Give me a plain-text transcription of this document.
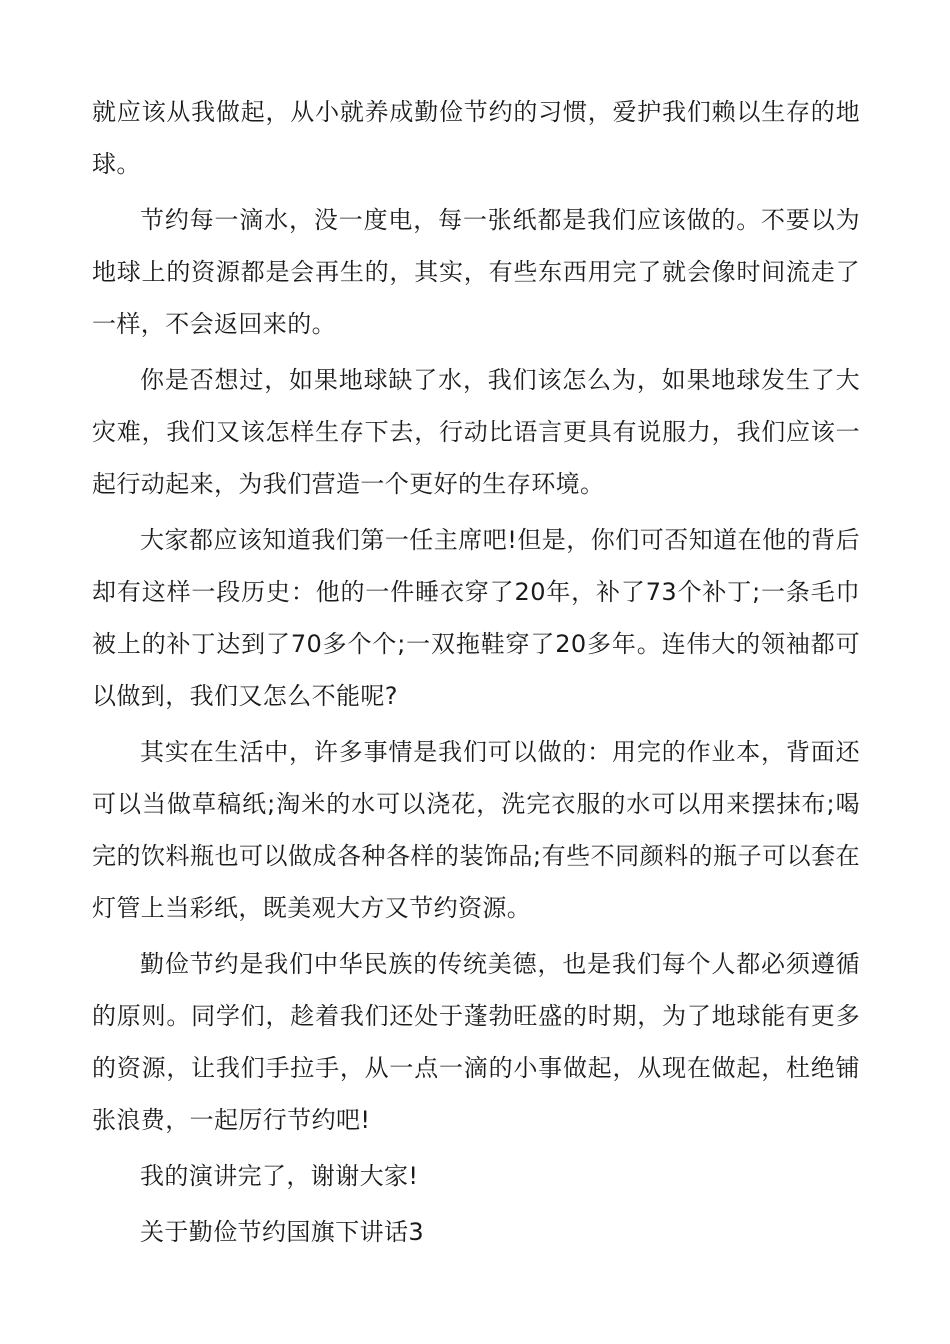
就应该从我做起，从小就养成勤俭节约的习惯，爱护我们赖以生存的地球。

节约每一滴水，没一度电，每一张纸都是我们应该做的。不要以为地球上的资源都是会再生的，其实，有些东西用完了就会像时间流走了一样，不会返回来的。

你是否想过，如果地球缺了水，我们该怎么为，如果地球发生了大灾难，我们又该怎样生存下去，行动比语言更具有说服力，我们应该一起行动起来，为我们营造一个更好的生存环境。

大家都应该知道我们第一任主席吧!但是，你们可否知道在他的背后却有这样一段历史：他的一件睡衣穿了20年，补了73个补丁;一条毛巾被上的补丁达到了70多个个;一双拖鞋穿了20多年。连伟大的领袖都可以做到，我们又怎么不能呢?

其实在生活中，许多事情是我们可以做的：用完的作业本，背面还可以当做草稿纸;淘米的水可以浇花，洗完衣服的水可以用来摆抹布;喝完的饮料瓶也可以做成各种各样的装饰品;有些不同颜料的瓶子可以套在灯管上当彩纸，既美观大方又节约资源。

勤俭节约是我们中华民族的传统美德，也是我们每个人都必须遵循的原则。同学们，趁着我们还处于蓬勃旺盛的时期，为了地球能有更多的资源，让我们手拉手，从一点一滴的小事做起，从现在做起，杜绝铺张浪费，一起厉行节约吧!

我的演讲完了，谢谢大家!

关于勤俭节约国旗下讲话3
